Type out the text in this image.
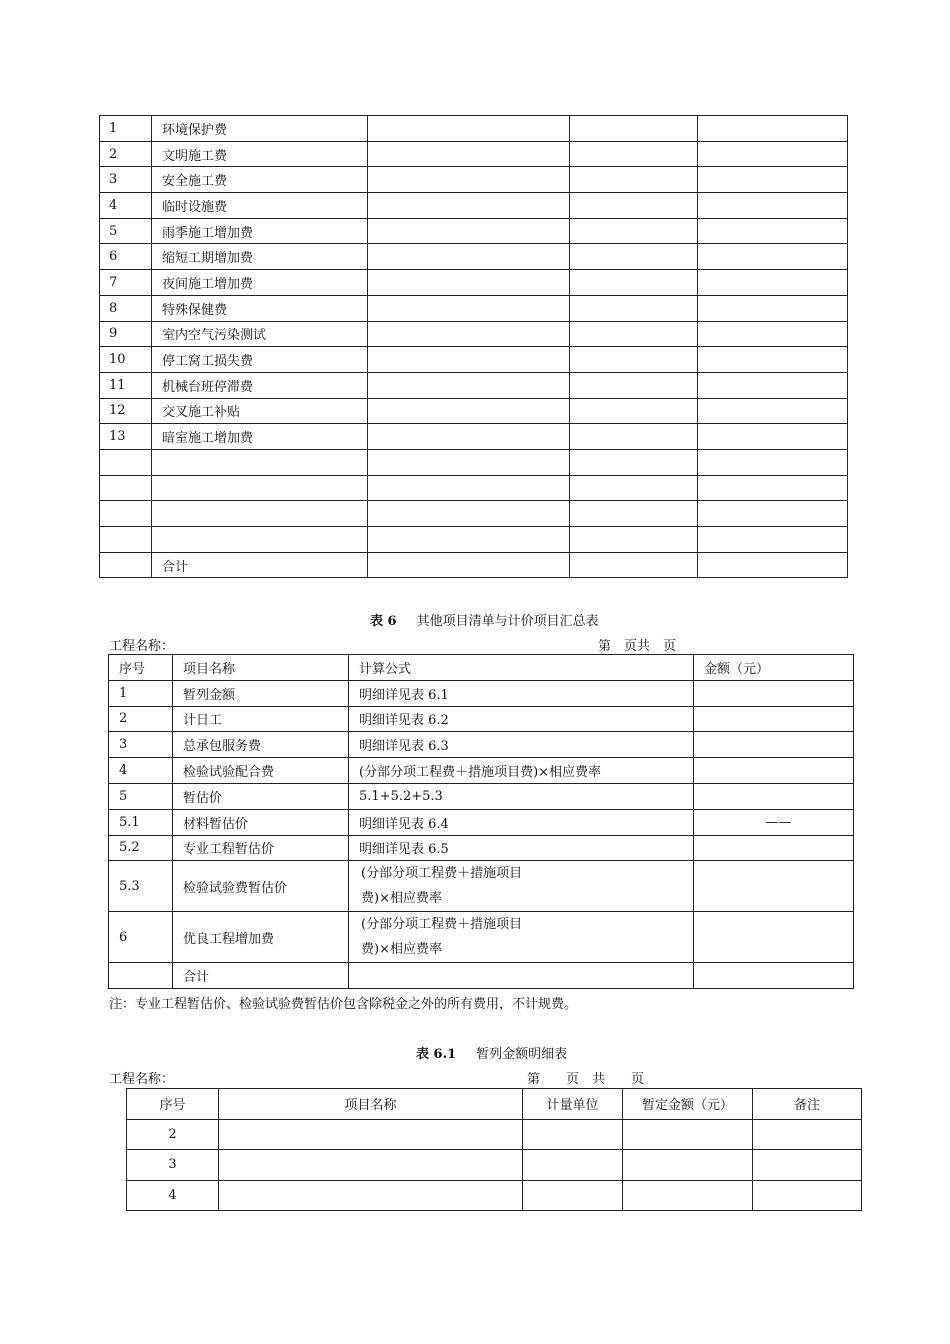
1	环境保护费			
2	文明施工费			
3	安全施工费			
4	临时设施费			
5	雨季施工增加费			
6	缩短工期增加费			
7	夜间施工增加费			
8	特殊保健费			
9	室内空气污染测试			
10	停工窝工损失费			
11	机械台班停滞费			
12	交叉施工补贴			
13	暗室施工增加费			

	合计			
表 6 其他项目清单与计价项目汇总表
工程名称：	第　页共　页
序号	项目名称	计算公式	金额（元）
1	暂列金额	明细详见表 6.1	
2	计日工	明细详见表 6.2	
3	总承包服务费	明细详见表 6.3	
4	检验试验配合费	(分部分项工程费＋措施项目费)×相应费率	
5	暂估价	5.1+5.2+5.3	
5.1	材料暂估价	明细详见表 6.4	——
5.2	专业工程暂估价	明细详见表 6.5	
5.3	检验试验费暂估价	(分部分项工程费＋措施项目
费)×相应费率	

6	优良工程增加费	(分部分项工程费＋措施项目
费)×相应费率	

	合计		
注：专业工程暂估价、检验试验费暂估价包含除税金之外的所有费用，不计规费。
表 6.1 暂列金额明细表
工程名称：	第　　页　共　　页
序号	项目名称	计量单位	暂定金额（元）	备注
2				
3				
4				
